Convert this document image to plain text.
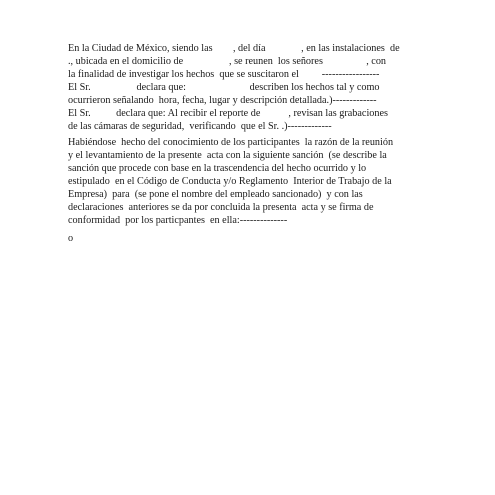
En la Ciudad de México, siendo las        , del día              , en las instalaciones  de
., ubicada en el domicilio de                  , se reunen  los señores                 , con
la finalidad de investigar los hechos  que se suscitaron el         -----------------
El Sr.                  declara que:                         describen los hechos tal y como
ocurrieron señalando  hora, fecha, lugar y descripción detallada.)-------------
El Sr.          declara que: Al recibir el reporte de           , revisan las grabaciones
de las cámaras de seguridad,  verificando  que el Sr. .)-------------
Habiéndose  hecho del conocimiento de los participantes  la razón de la reunión
y el levantamiento de la presente  acta con la siguiente sanción  (se describe la
sanción que procede con base en la trascendencia del hecho ocurrido y lo
estipulado  en el Código de Conducta y/o Reglamento  Interior de Trabajo de la
Empresa)  para  (se pone el nombre del empleado sancionado)  y con las
declaraciones  anteriores se da por concluida la presenta  acta y se firma de
conformidad  por los particpantes  en ella:--------------
o
